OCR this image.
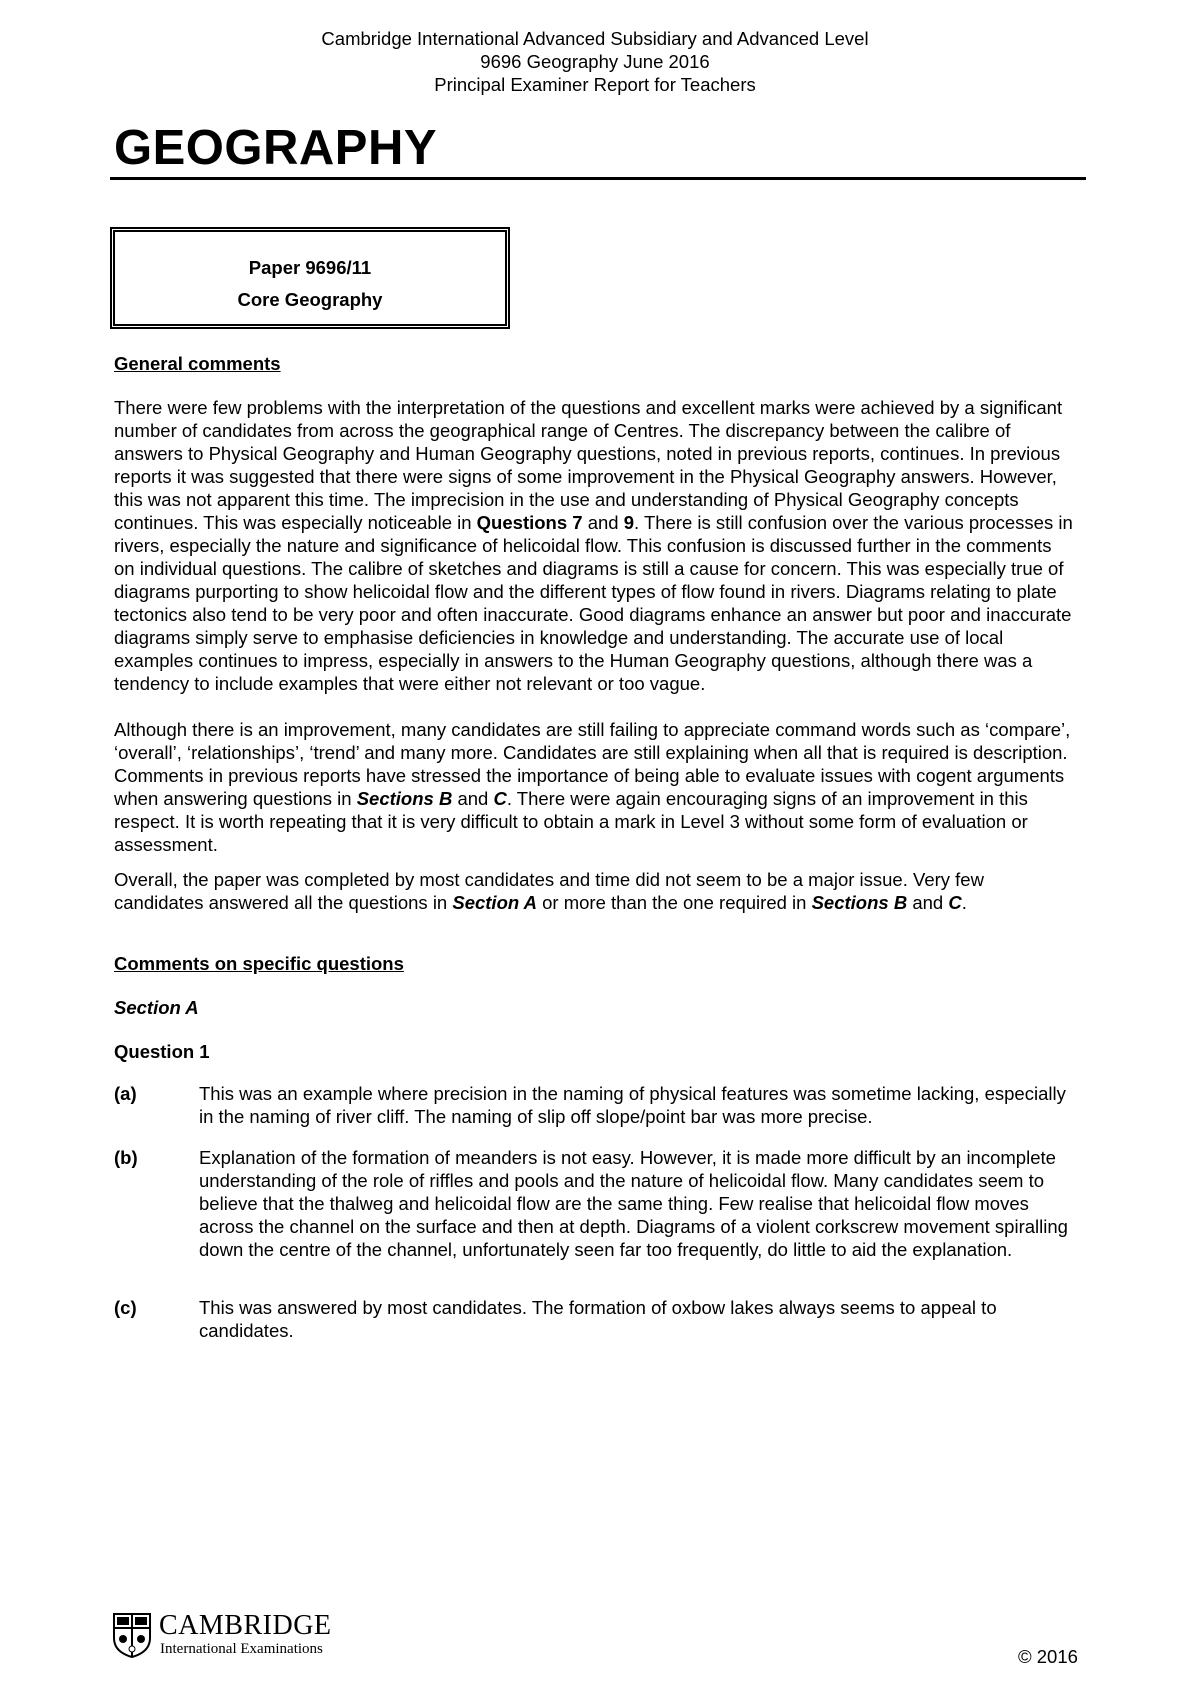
Cambridge International Advanced Subsidiary and Advanced Level
9696 Geography June 2016
Principal Examiner Report for Teachers
GEOGRAPHY
Paper 9696/11
Core Geography
General comments
There were few problems with the interpretation of the questions and excellent marks were achieved by a significant number of candidates from across the geographical range of Centres. The discrepancy between the calibre of answers to Physical Geography and Human Geography questions, noted in previous reports, continues. In previous reports it was suggested that there were signs of some improvement in the Physical Geography answers. However, this was not apparent this time. The imprecision in the use and understanding of Physical Geography concepts continues. This was especially noticeable in Questions 7 and 9. There is still confusion over the various processes in rivers, especially the nature and significance of helicoidal flow. This confusion is discussed further in the comments on individual questions. The calibre of sketches and diagrams is still a cause for concern. This was especially true of diagrams purporting to show helicoidal flow and the different types of flow found in rivers. Diagrams relating to plate tectonics also tend to be very poor and often inaccurate. Good diagrams enhance an answer but poor and inaccurate diagrams simply serve to emphasise deficiencies in knowledge and understanding. The accurate use of local examples continues to impress, especially in answers to the Human Geography questions, although there was a tendency to include examples that were either not relevant or too vague.
Although there is an improvement, many candidates are still failing to appreciate command words such as ‘compare’, ‘overall’, ‘relationships’, ‘trend’ and many more. Candidates are still explaining when all that is required is description. Comments in previous reports have stressed the importance of being able to evaluate issues with cogent arguments when answering questions in Sections B and C. There were again encouraging signs of an improvement in this respect. It is worth repeating that it is very difficult to obtain a mark in Level 3 without some form of evaluation or assessment.
Overall, the paper was completed by most candidates and time did not seem to be a major issue. Very few candidates answered all the questions in Section A or more than the one required in Sections B and C.
Comments on specific questions
Section A
Question 1
(a)	This was an example where precision in the naming of physical features was sometime lacking, especially in the naming of river cliff. The naming of slip off slope/point bar was more precise.
(b)	Explanation of the formation of meanders is not easy. However, it is made more difficult by an incomplete understanding of the role of riffles and pools and the nature of helicoidal flow. Many candidates seem to believe that the thalweg and helicoidal flow are the same thing. Few realise that helicoidal flow moves across the channel on the surface and then at depth. Diagrams of a violent corkscrew movement spiralling down the centre of the channel, unfortunately seen far too frequently, do little to aid the explanation.
(c)	This was answered by most candidates. The formation of oxbow lakes always seems to appeal to candidates.
CAMBRIDGE
International Examinations	© 2016
